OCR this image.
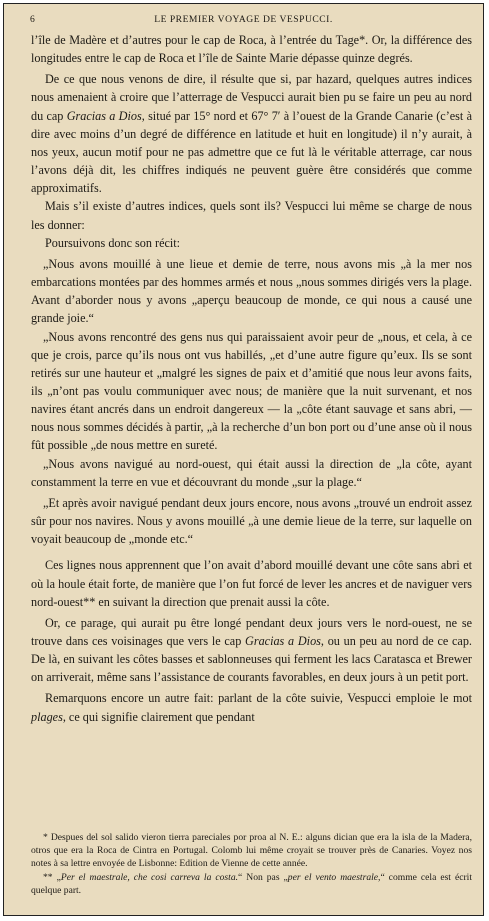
6	LE PREMIER VOYAGE DE VESPUCCI.

l’île de Madère et d’autres pour le cap de Roca, à l’entrée du Tage*. Or, la différence des longitudes entre le cap de Roca et l’île de Sainte Marie dépasse quinze degrés.

De ce que nous venons de dire, il résulte que si, par hazard, quelques autres indices nous amenaient à croire que l’atterrage de Vespucci aurait bien pu se faire un peu au nord du cap Gracias a Dios, situé par 15° nord et 67° 7′ à l’ouest de la Grande Canarie (c’est à dire avec moins d’un degré de différence en latitude et huit en longitude) il n’y aurait, à nos yeux, aucun motif pour ne pas admettre que ce fut là le véritable atterrage, car nous l’avons déjà dit, les chiffres indiqués ne peuvent guère être considérés que comme approximatifs.

Mais s’il existe d’autres indices, quels sont ils? Vespucci lui même se charge de nous les donner:

Poursuivons donc son récit:

„Nous avons mouillé à une lieue et demie de terre, nous avons mis „à la mer nos embarcations montées par des hommes armés et nous „nous sommes dirigés vers la plage. Avant d’aborder nous y avons „aperçu beaucoup de monde, ce qui nous a causé une grande joie.“

„Nous avons rencontré des gens nus qui paraissaient avoir peur de „nous, et cela, à ce que je crois, parce qu’ils nous ont vus habillés, „et d’une autre figure qu’eux. Ils se sont retirés sur une hauteur et „malgré les signes de paix et d’amitié que nous leur avons faits, ils „n’ont pas voulu communiquer avec nous; de manière que la nuit survenant, et nos navires étant ancrés dans un endroit dangereux — la „côte étant sauvage et sans abri, — nous nous sommes décidés à partir, „à la recherche d’un bon port ou d’une anse où il nous fût possible „de nous mettre en sureté.

„Nous avons navigué au nord-ouest, qui était aussi la direction de „la côte, ayant constamment la terre en vue et découvrant du monde „sur la plage.“

„Et après avoir navigué pendant deux jours encore, nous avons „trouvé un endroit assez sûr pour nos navires. Nous y avons mouillé „à une demie lieue de la terre, sur laquelle on voyait beaucoup de „monde etc.“

Ces lignes nous apprennent que l’on avait d’abord mouillé devant une côte sans abri et où la houle était forte, de manière que l’on fut forcé de lever les ancres et de naviguer vers nord-ouest** en suivant la direction que prenait aussi la côte.

Or, ce parage, qui aurait pu être longé pendant deux jours vers le nord-ouest, ne se trouve dans ces voisinages que vers le cap Gracias a Dios, ou un peu au nord de ce cap. De là, en suivant les côtes basses et sablonneuses qui ferment les lacs Caratasca et Brewer on arriverait, même sans l’assistance de courants favorables, en deux jours à un petit port.

Remarquons encore un autre fait: parlant de la côte suivie, Vespucci emploie le mot plages, ce qui signifie clairement que pendant

* Despues del sol salido vieron tierra pareciales por proa al N. E.: alguns dician que era la isla de la Madera, otros que era la Roca de Cintra en Portugal. Colomb lui même croyait se trouver près de Canaries. Voyez nos notes à sa lettre envoyée de Lisbonne: Edition de Vienne de cette année.

** „Per el maestrale, che cosi carreva la costa.“ Non pas „per el vento maestrale,“ comme cela est écrit quelque part.
